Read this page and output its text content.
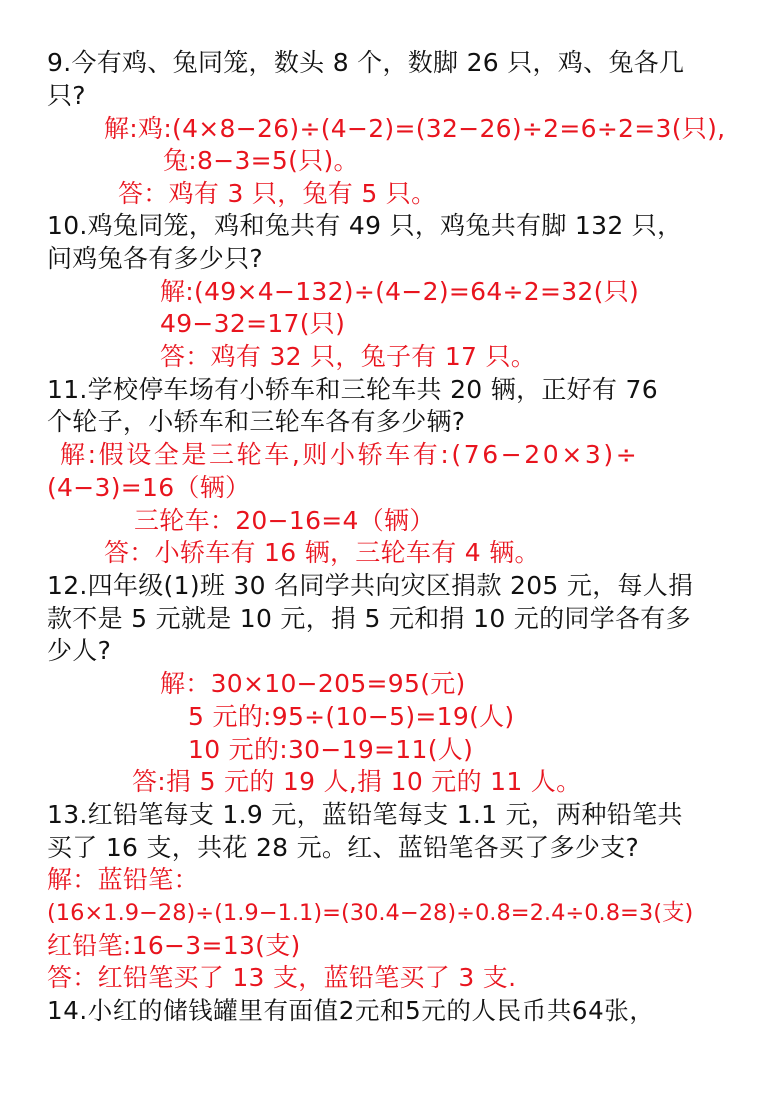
9.今有鸡、兔同笼，数头 8 个，数脚 26 只，鸡、兔各几
只?
解:鸡:(4×8−26)÷(4−2)=(32−26)÷2=6÷2=3(只),
兔:8−3=5(只)。
答：鸡有 3 只，兔有 5 只。
10.鸡兔同笼，鸡和兔共有 49 只，鸡兔共有脚 132 只，
问鸡兔各有多少只?
解:(49×4−132)÷(4−2)=64÷2=32(只)
49−32=17(只)
答：鸡有 32 只，兔子有 17 只。
11.学校停车场有小轿车和三轮车共 20 辆，正好有 76
个轮子，小轿车和三轮车各有多少辆?
解:假设全是三轮车,则小轿车有:(76−20×3)÷
(4−3)=16（辆）
三轮车：20−16=4（辆）
答：小轿车有 16 辆，三轮车有 4 辆。
12.四年级(1)班 30 名同学共向灾区捐款 205 元，每人捐
款不是 5 元就是 10 元，捐 5 元和捐 10 元的同学各有多
少人?
解：30×10−205=95(元)
5 元的:95÷(10−5)=19(人)
10 元的:30−19=11(人)
答:捐 5 元的 19 人,捐 10 元的 11 人。
13.红铅笔每支 1.9 元，蓝铅笔每支 1.1 元，两种铅笔共
买了 16 支，共花 28 元。红、蓝铅笔各买了多少支?
解：蓝铅笔：
(16×1.9−28)÷(1.9−1.1)=(30.4−28)÷0.8=2.4÷0.8=3(支)
红铅笔:16−3=13(支)
答：红铅笔买了 13 支，蓝铅笔买了 3 支.
14.小红的储钱罐里有面值2元和5元的人民币共64张，
